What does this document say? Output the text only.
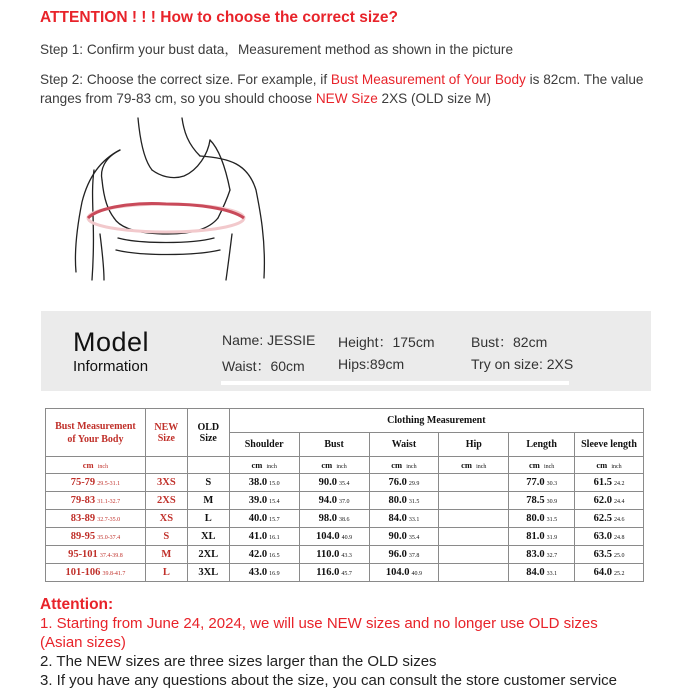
ATTENTION ! ! ! How to choose the correct size?
Step 1: Confirm your bust data，Measurement method as shown in the picture
Step 2: Choose the correct size. For example, if Bust Measurement of Your Body is 82cm. The value
ranges from 79-83 cm, so you should choose NEW Size 2XS (OLD size M)
Model
Information
Name: JESSIE Height：175cm	Bust：82cm
Waist：60cm Hips:89cm	Try on size: 2XS
Bust Measurement of Your Body	NEW Size	OLD Size	Clothing Measurement					
			Shoulder	Bust	Waist	Hip	Length	Sleeve length
cm inch			cm inch	cm inch	cm inch	cm inch	cm inch	cm inch
75-79 29.5-31.1	3XS	S	38.0 15.0	90.0 35.4	76.0 29.9		77.0 30.3	61.5 24.2
79-83 31.1-32.7	2XS	M	39.0 15.4	94.0 37.0	80.0 31.5		78.5 30.9	62.0 24.4
83-89 32.7-35.0	XS	L	40.0 15.7	98.0 38.6	84.0 33.1		80.0 31.5	62.5 24.6
89-95 35.0-37.4	S	XL	41.0 16.1	104.0 40.9	90.0 35.4		81.0 31.9	63.0 24.8
95-101 37.4-39.8	M	2XL	42.0 16.5	110.0 43.3	96.0 37.8		83.0 32.7	63.5 25.0
101-106 39.8-41.7	L	3XL	43.0 16.9	116.0 45.7	104.0 40.9		84.0 33.1	64.0 25.2
Attention:
1. Starting from June 24, 2024, we will use NEW sizes and no longer use OLD sizes
(Asian sizes)
2. The NEW sizes are three sizes larger than the OLD sizes
3. If you have any questions about the size, you can consult the store customer service
